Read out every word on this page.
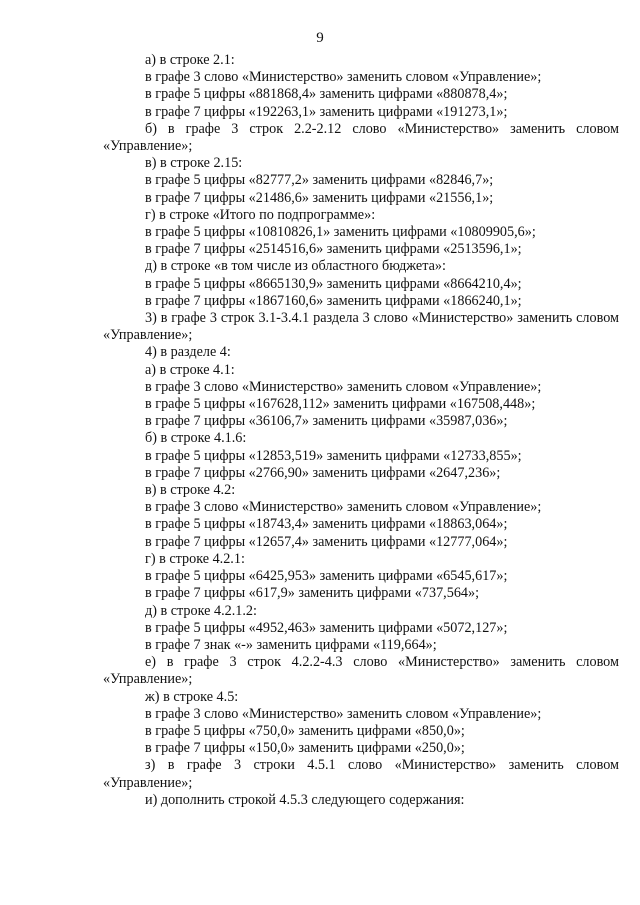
9

а) в строке 2.1:

в графе 3 слово «Министерство» заменить словом «Управление»;

в графе 5 цифры «881868,4» заменить цифрами «880878,4»;

в графе 7 цифры «192263,1» заменить цифрами «191273,1»;

б) в графе 3 строк 2.2-2.12 слово «Министерство» заменить словом «Управление»;

в) в строке 2.15:

в графе 5 цифры «82777,2» заменить цифрами «82846,7»;

в графе 7 цифры «21486,6» заменить цифрами «21556,1»;

г) в строке «Итого по подпрограмме»:

в графе 5 цифры «10810826,1» заменить цифрами «10809905,6»;

в графе 7 цифры «2514516,6» заменить цифрами «2513596,1»;

д) в строке «в том числе из областного бюджета»:

в графе 5 цифры «8665130,9» заменить цифрами «8664210,4»;

в графе 7 цифры «1867160,6» заменить цифрами «1866240,1»;

3) в графе 3 строк 3.1-3.4.1 раздела 3 слово «Министерство» заменить словом «Управление»;

4) в разделе 4:

а) в строке 4.1:

в графе 3 слово «Министерство» заменить словом «Управление»;

в графе 5 цифры «167628,112» заменить цифрами «167508,448»;

в графе 7 цифры «36106,7» заменить цифрами «35987,036»;

б) в строке 4.1.6:

в графе 5 цифры «12853,519» заменить цифрами «12733,855»;

в графе 7 цифры «2766,90» заменить цифрами «2647,236»;

в) в строке 4.2:

в графе 3 слово «Министерство» заменить словом «Управление»;

в графе 5 цифры «18743,4» заменить цифрами «18863,064»;

в графе 7 цифры «12657,4» заменить цифрами «12777,064»;

г) в строке 4.2.1:

в графе 5 цифры «6425,953» заменить цифрами «6545,617»;

в графе 7 цифры «617,9» заменить цифрами «737,564»;

д) в строке 4.2.1.2:

в графе 5 цифры «4952,463» заменить цифрами «5072,127»;

в графе 7 знак «-» заменить цифрами «119,664»;

е) в графе 3 строк 4.2.2-4.3 слово «Министерство» заменить словом «Управление»;

ж) в строке 4.5:

в графе 3 слово «Министерство» заменить словом «Управление»;

в графе 5 цифры «750,0» заменить цифрами «850,0»;

в графе 7 цифры «150,0» заменить цифрами «250,0»;

з) в графе 3 строки 4.5.1 слово «Министерство» заменить словом «Управление»;

и) дополнить строкой 4.5.3 следующего содержания:
